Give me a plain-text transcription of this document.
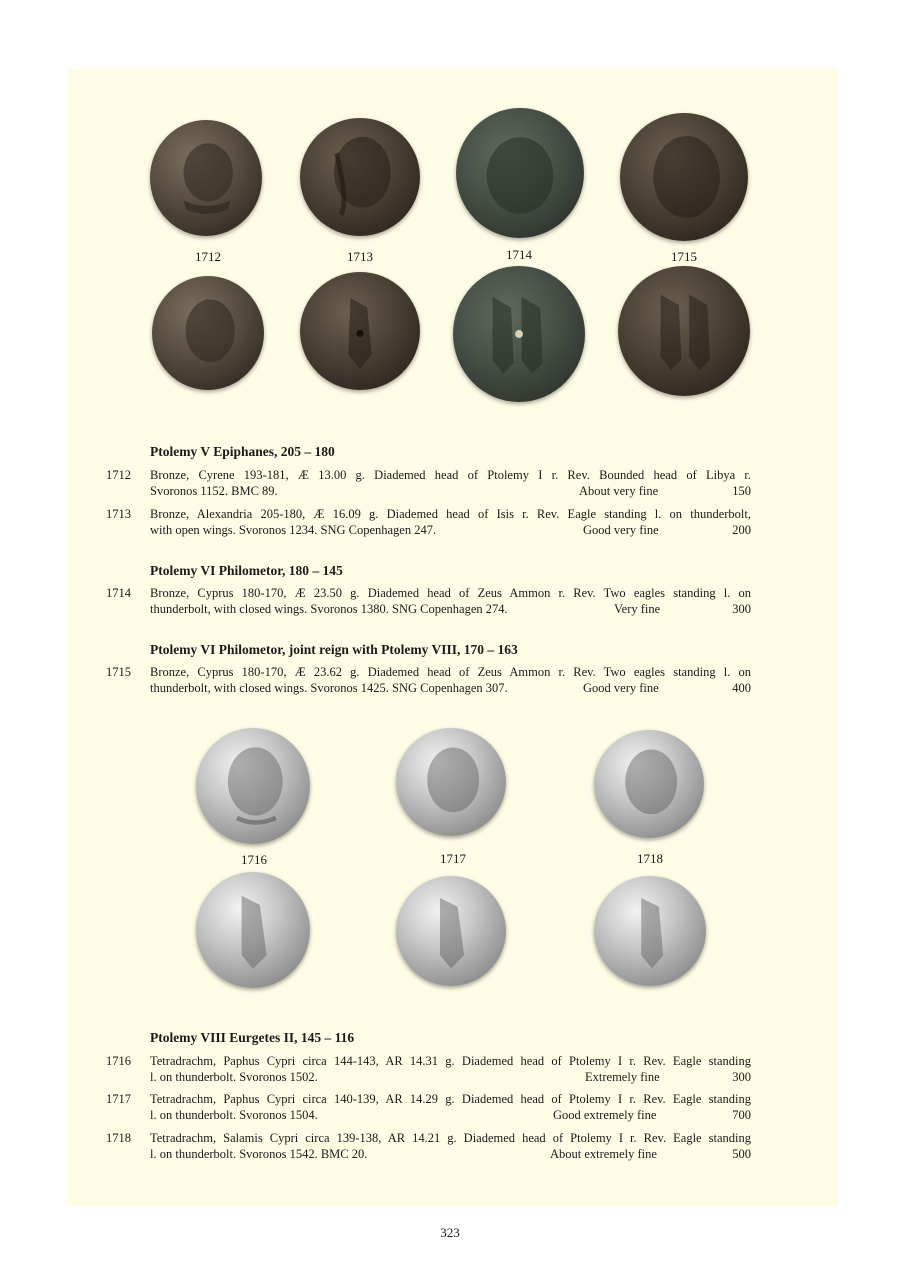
1712	1713	1714	1715
Ptolemy V Epiphanes, 205 – 180
1712 Bronze, Cyrene 193-181, Æ 13.00 g. Diademed head of Ptolemy I r. Rev. Bounded head of Libya r.
Svoronos 1152. BMC 89.	About very fine	150
1713 Bronze, Alexandria 205-180, Æ 16.09 g. Diademed head of Isis r. Rev. Eagle standing l. on thunderbolt,
with open wings. Svoronos 1234. SNG Copenhagen 247.	Good very fine	200
Ptolemy VI Philometor, 180 – 145
1714 Bronze, Cyprus 180-170, Æ 23.50 g. Diademed head of Zeus Ammon r. Rev. Two eagles standing l. on
thunderbolt, with closed wings. Svoronos 1380. SNG Copenhagen 274.	Very fine	300
Ptolemy VI Philometor, joint reign with Ptolemy VIII, 170 – 163
1715 Bronze, Cyprus 180-170, Æ 23.62 g. Diademed head of Zeus Ammon r. Rev. Two eagles standing l. on
thunderbolt, with closed wings. Svoronos 1425. SNG Copenhagen 307.	Good very fine	400
1716	1717	1718
Ptolemy VIII Eurgetes II, 145 – 116
1716 Tetradrachm, Paphus Cypri circa 144-143, AR 14.31 g. Diademed head of Ptolemy I r. Rev. Eagle standing
l. on thunderbolt. Svoronos 1502.	Extremely fine	300
1717 Tetradrachm, Paphus Cypri circa 140-139, AR 14.29 g. Diademed head of Ptolemy I r. Rev. Eagle standing
l. on thunderbolt. Svoronos 1504.	Good extremely fine	700
1718 Tetradrachm, Salamis Cypri circa 139-138, AR 14.21 g. Diademed head of Ptolemy I r. Rev. Eagle standing
l. on thunderbolt. Svoronos 1542. BMC 20.	About extremely fine	500
323
